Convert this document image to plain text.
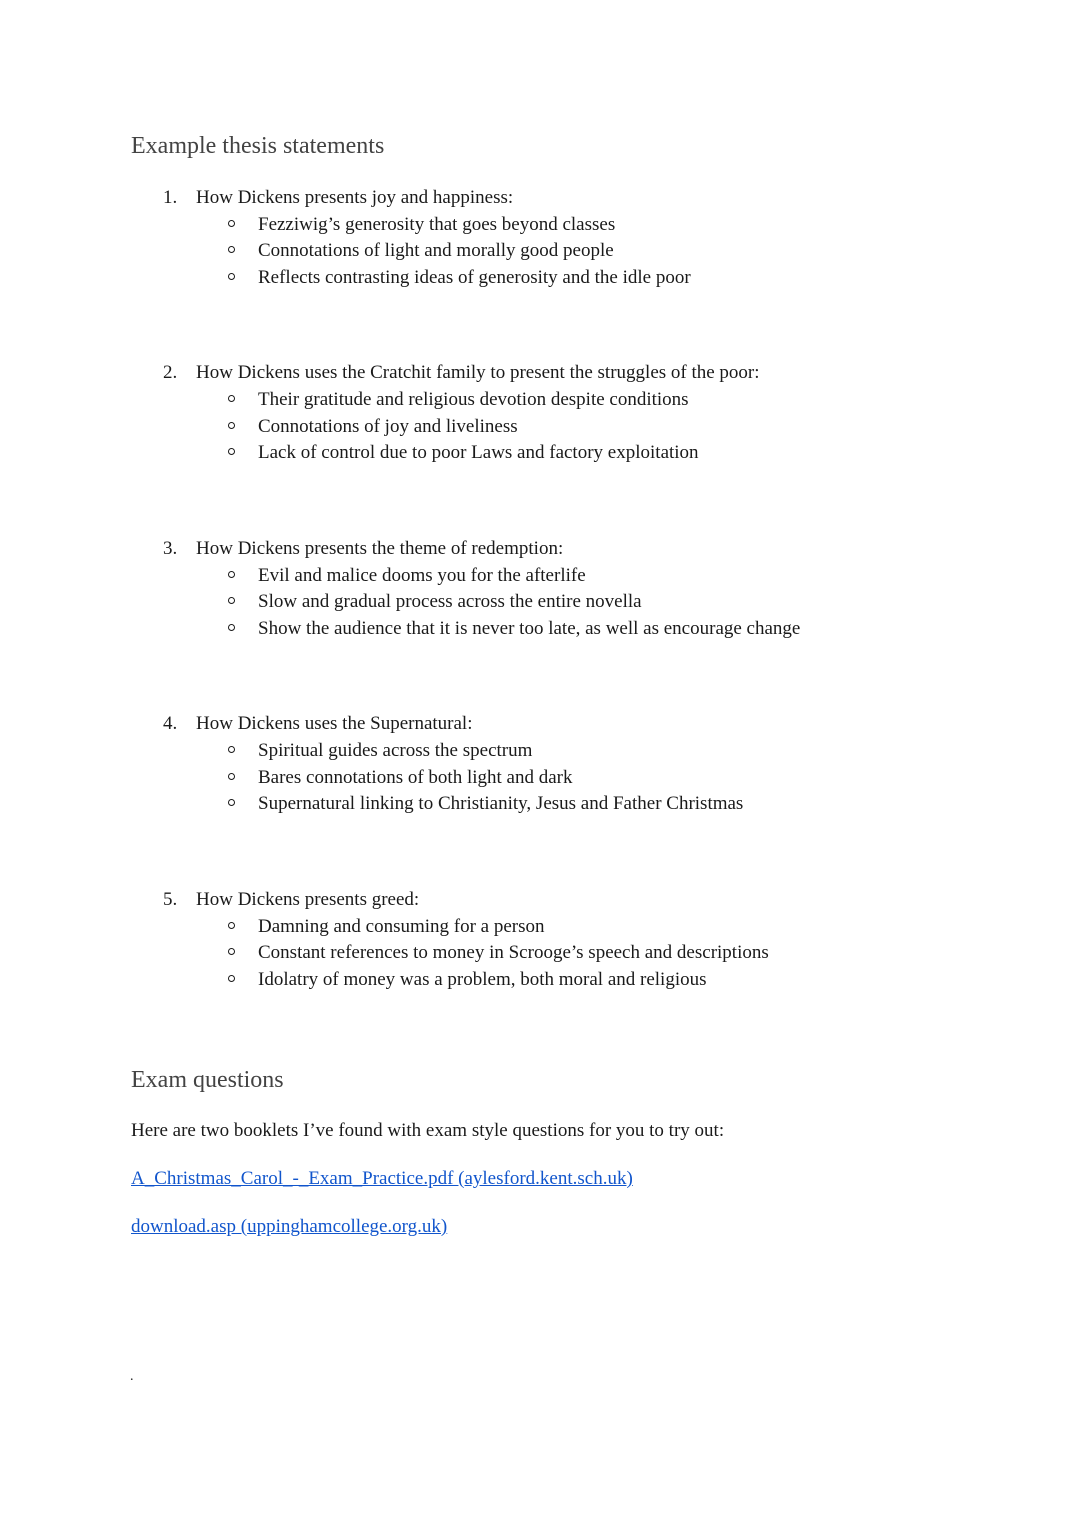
Example thesis statements
1. How Dickens presents joy and happiness:
Fezziwig’s generosity that goes beyond classes
Connotations of light and morally good people
Reflects contrasting ideas of generosity and the idle poor
2. How Dickens uses the Cratchit family to present the struggles of the poor:
Their gratitude and religious devotion despite conditions
Connotations of joy and liveliness
Lack of control due to poor Laws and factory exploitation
3. How Dickens presents the theme of redemption:
Evil and malice dooms you for the afterlife
Slow and gradual process across the entire novella
Show the audience that it is never too late, as well as encourage change
4. How Dickens uses the Supernatural:
Spiritual guides across the spectrum
Bares connotations of both light and dark
Supernatural linking to Christianity, Jesus and Father Christmas
5. How Dickens presents greed:
Damning and consuming for a person
Constant references to money in Scrooge’s speech and descriptions
Idolatry of money was a problem, both moral and religious
Exam questions
Here are two booklets I’ve found with exam style questions for you to try out:
A_Christmas_Carol_-_Exam_Practice.pdf (aylesford.kent.sch.uk)
download.asp (uppinghamcollege.org.uk)
.
